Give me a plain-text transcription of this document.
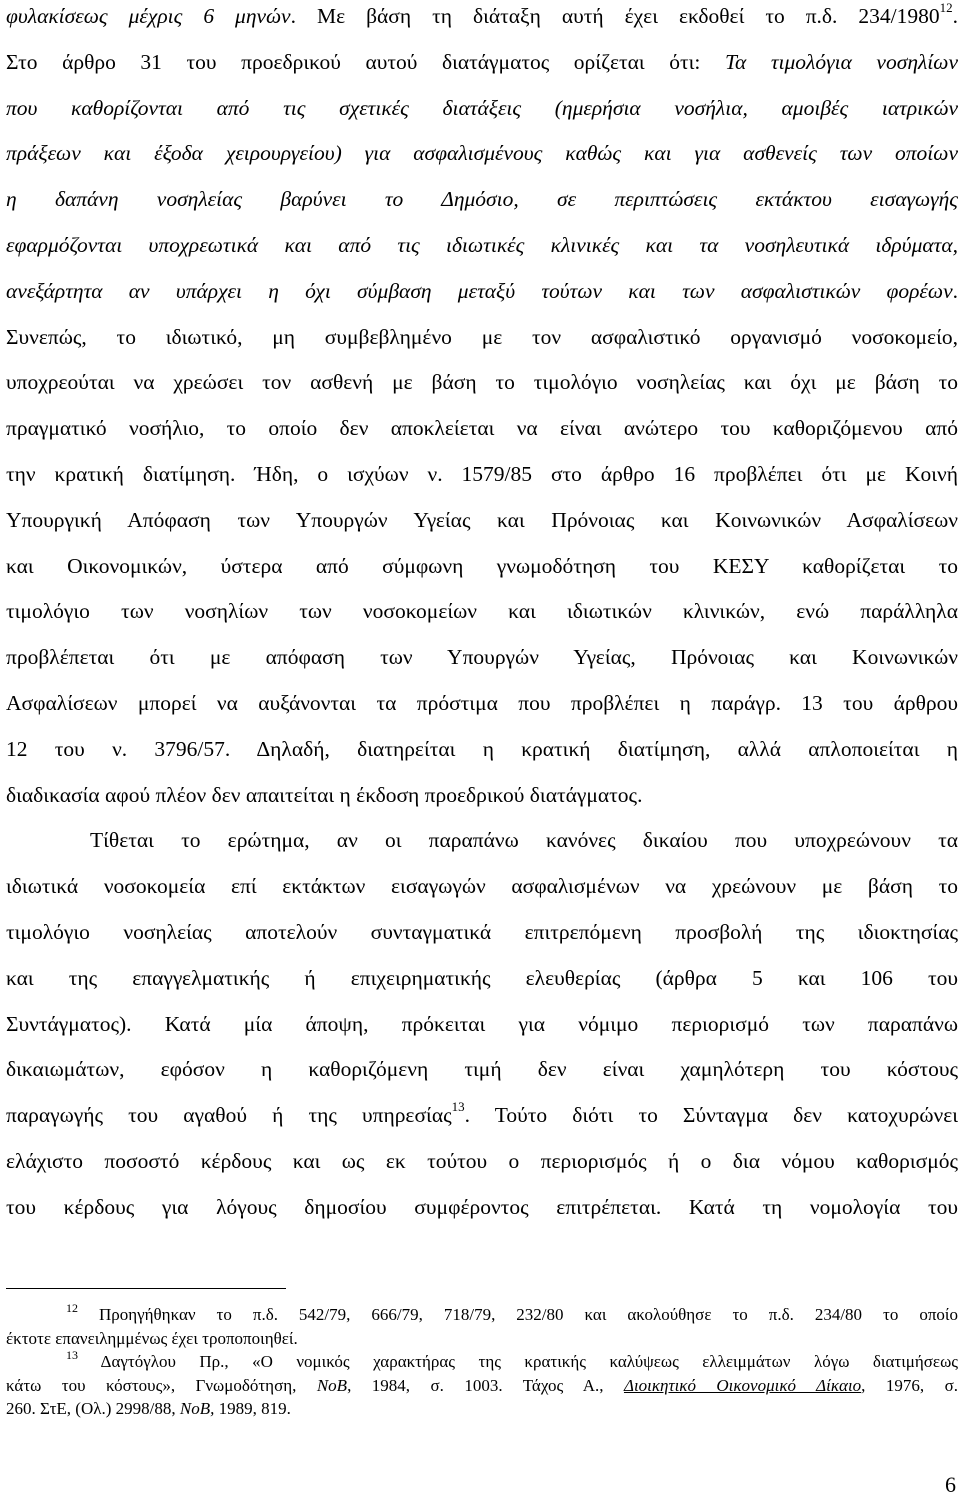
φυλακίσεως μέχρις 6 μηνών. Με βάση τη διάταξη αυτή έχει εκδοθεί το π.δ. 234/1980$^{12}$.
Στο άρθρο 31 του προεδρικού αυτού διατάγματος ορίζεται ότι: Τα τιμολόγια νοσηλίων
που καθορίζονται από τις σχετικές διατάξεις (ημερήσια νοσήλια, αμοιβές ιατρικών
πράξεων και έξοδα χειρουργείου) για ασφαλισμένους καθώς και για ασθενείς των οποίων
η δαπάνη νοσηλείας βαρύνει το Δημόσιο, σε περιπτώσεις εκτάκτου εισαγωγής
εφαρμόζονται υποχρεωτικά και από τις ιδιωτικές κλινικές και τα νοσηλευτικά ιδρύματα,
ανεξάρτητα αν υπάρχει η όχι σύμβαση μεταξύ τούτων και των ασφαλιστικών φορέων.
Συνεπώς, το ιδιωτικό, μη συμβεβλημένο με τον ασφαλιστικό οργανισμό νοσοκομείο,
υποχρεούται να χρεώσει τον ασθενή με βάση το τιμολόγιο νοσηλείας και όχι με βάση το
πραγματικό νοσήλιο, το οποίο δεν αποκλείεται να είναι ανώτερο του καθοριζόμενου από
την κρατική διατίμηση. Ήδη, ο ισχύων ν. 1579/85 στο άρθρο 16 προβλέπει ότι με Κοινή
Υπουργική Απόφαση των Υπουργών Υγείας και Πρόνοιας και Κοινωνικών Ασφαλίσεων
και Οικονομικών, ύστερα από σύμφωνη γνωμοδότηση του ΚΕΣΥ καθορίζεται το
τιμολόγιο των νοσηλίων των νοσοκομείων και ιδιωτικών κλινικών, ενώ παράλληλα
προβλέπεται ότι με απόφαση των Υπουργών Υγείας, Πρόνοιας και Κοινωνικών
Ασφαλίσεων μπορεί να αυξάνονται τα πρόστιμα που προβλέπει η παράγρ. 13 του άρθρου
12 του ν. 3796/57. Δηλαδή, διατηρείται η κρατική διατίμηση, αλλά απλοποιείται η
διαδικασία αφού πλέον δεν απαιτείται η έκδοση προεδρικού διατάγματος.
Τίθεται το ερώτημα, αν οι παραπάνω κανόνες δικαίου που υποχρεώνουν τα
ιδιωτικά νοσοκομεία επί εκτάκτων εισαγωγών ασφαλισμένων να χρεώνουν με βάση το
τιμολόγιο νοσηλείας αποτελούν συνταγματικά επιτρεπόμενη προσβολή της ιδιοκτησίας
και της επαγγελματικής ή επιχειρηματικής ελευθερίας (άρθρα 5 και 106 του
Συντάγματος). Κατά μία άποψη, πρόκειται για νόμιμο περιορισμό των παραπάνω
δικαιωμάτων, εφόσον η καθοριζόμενη τιμή δεν είναι χαμηλότερη του κόστους
παραγωγής του αγαθού ή της υπηρεσίας$^{13}$. Τούτο διότι το Σύνταγμα δεν κατοχυρώνει
ελάχιστο ποσοστό κέρδους και ως εκ τούτου ο περιορισμός ή ο δια νόμου καθορισμός
του κέρδους για λόγους δημοσίου συμφέροντος επιτρέπεται. Κατά τη νομολογία του
$^{12}$ Προηγήθηκαν το π.δ. 542/79, 666/79, 718/79, 232/80 και ακολούθησε το π.δ. 234/80 το οποίο
έκτοτε επανειλημμένως έχει τροποποιηθεί.
$^{13}$ Δαγτόγλου Πρ., «Ο νομικός χαρακτήρας της κρατικής καλύψεως ελλειμμάτων λόγω διατιμήσεως
κάτω του κόστους», Γνωμοδότηση, ΝοΒ, 1984, σ. 1003. Τάχος Α., Διοικητικό Οικονομικό Δίκαιο, 1976, σ.
260. ΣτΕ, (Ολ.) 2998/88, ΝοΒ, 1989, 819.
6
